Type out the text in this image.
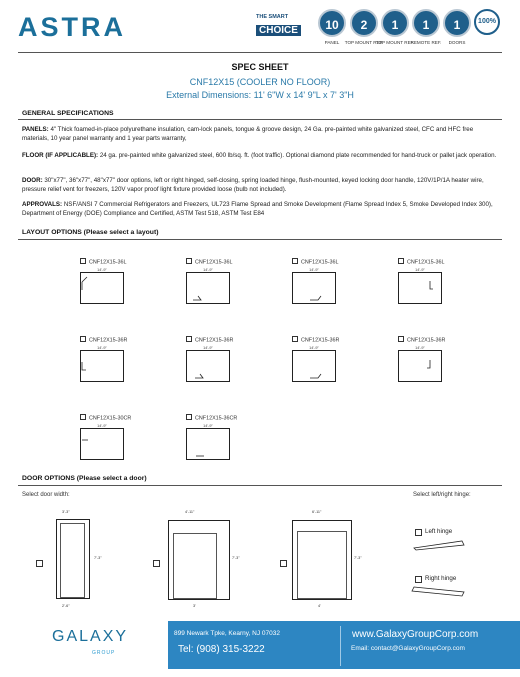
ASTRA	THE SMART
CHOICE	10
PANEL
2
TOP MOUNT REF.
1
TOP MOUNT REF.
1
REMOTE REF.
1
DOORS
100%
SPEC SHEET
CNF12X15 (COOLER NO FLOOR)
External Dimensions: 11' 6"W x 14' 9"L x 7' 3"H
GENERAL SPECIFICATIONS
PANELS: 4" Thick foamed-in-place polyurethane insulation, cam-lock panels, tongue & groove design, 24 Ga. pre-painted white galvanized steel, CFC and HFC free materials, 10 year panel warranty and 1 year parts warranty,
FLOOR (IF APPLICABLE): 24 ga. pre-painted white galvanized steel, 600 lb/sq. ft. (foot traffic). Optional diamond plate recommended for hand-truck or pallet jack operation.
DOOR: 30"x77", 36"x77", 48"x77" door options, left or right hinged, self-closing, spring loaded hinge, flush-mounted, keyed locking door handle, 120V/1P/1A heater wire, pressure relief vent for freezers, 120V vapor proof light fixture provided loose (bulb not included).
APPROVALS: NSF/ANSI 7 Commercial Refrigerators and Freezers, UL723 Flame Spread and Smoke Development (Flame Spread Index 5, Smoke Developed Index 300), Department of Energy (DOE) Compliance and Certified, ASTM Test 518, ASTM Test E84
LAYOUT OPTIONS (Please select a layout)
CNF12X15-36L
14'-9"
CNF12X15-36L
14'-9"
CNF12X15-36L
14'-9"
CNF12X15-36L
14'-9"
CNF12X15-36R
14'-9"
CNF12X15-36R
14'-9"
CNF12X15-36R
14'-9"
CNF12X15-36R
14'-9"
CNF12X15-30CR
14'-9"
CNF12X15-36CR
14'-9"
DOOR OPTIONS (Please select a door)
Select door width:	Select left/right hinge:
3'-3"
7'-3"
2'-6"
4'-11"
7'-3"
3'
6'-11"
7'-3"
4'
Left hinge
Right hinge
GALAXY
GROUP
899 Newark Tpke, Kearny, NJ 07032
Tel: (908) 315-3222
www.GalaxyGroupCorp.com
Email: contact@GalaxyGroupCorp.com
